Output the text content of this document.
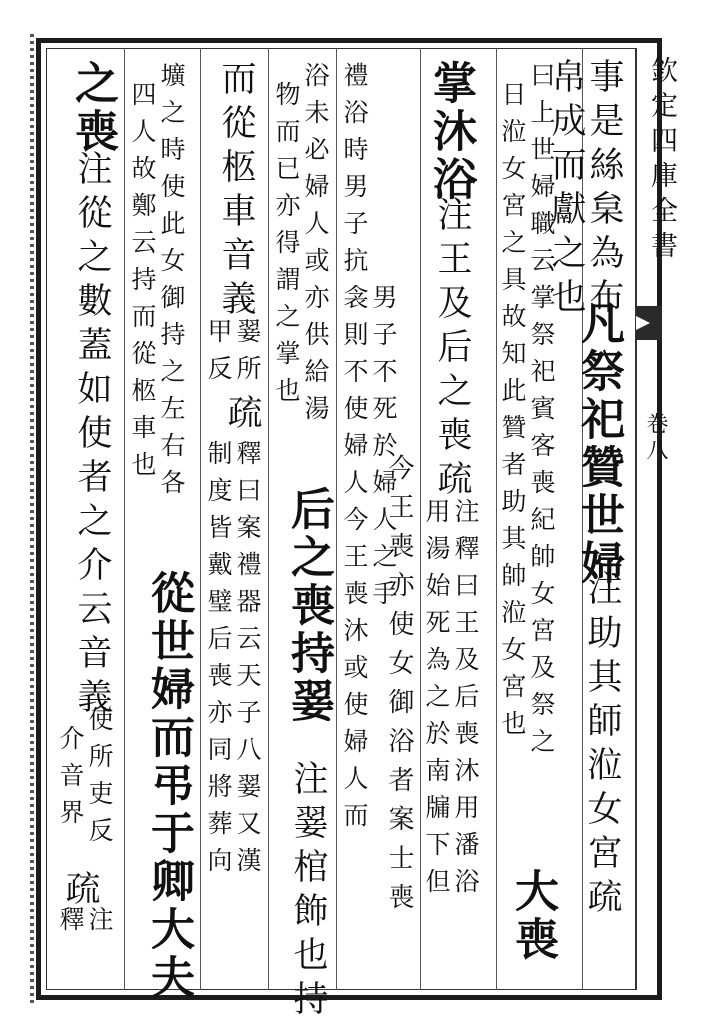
欽定四庫全書
卷八
事是絲枲為布
帛成而獻之也
凡祭祀贊世婦
注助其師涖女宮疏
曰上世婦職云掌祭祀賓客喪紀帥女宮及祭之
日涖女宮之具故知此贊者助其帥涖女宮也
大喪
掌沐浴
注王及后之喪疏
注釋曰王及后喪沐用潘浴
用湯始死為之於南牖下但
男子不死於婦人之手
禮浴時男子抗衾則不使婦人今王喪沐或使婦人而 今王喪亦使女御浴者案士喪
浴未必婦人或亦供給湯
物而已亦得謂之掌也
后之喪持翣
注翣棺飾也持
而從柩車音義
翣所
甲反
疏
釋曰案禮器云天子八翣又漢
制度皆戴璧后喪亦同將葬向
壙之時使此女御持之左右各
四人故鄭云持而從柩車也
從世婦而弔于卿大夫
之喪
注從之數蓋如使者之介云音義
使所吏反
介音界
疏
注
釋
